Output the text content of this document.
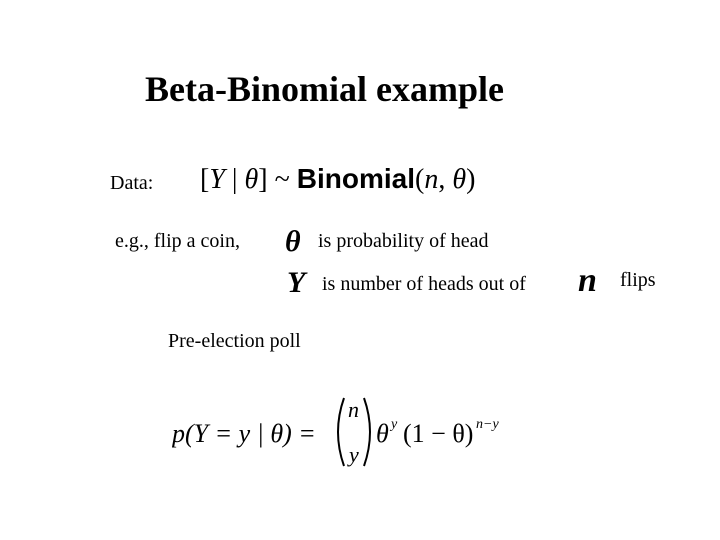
Beta-Binomial example
Data: [Y | θ] ~ Binomial(n, θ)
e.g., flip a coin, θ is probability of head
Y is number of heads out of n flips
Pre-election poll
p(Y = y | θ) =
n
y
θ y (1 − θ) n−y
